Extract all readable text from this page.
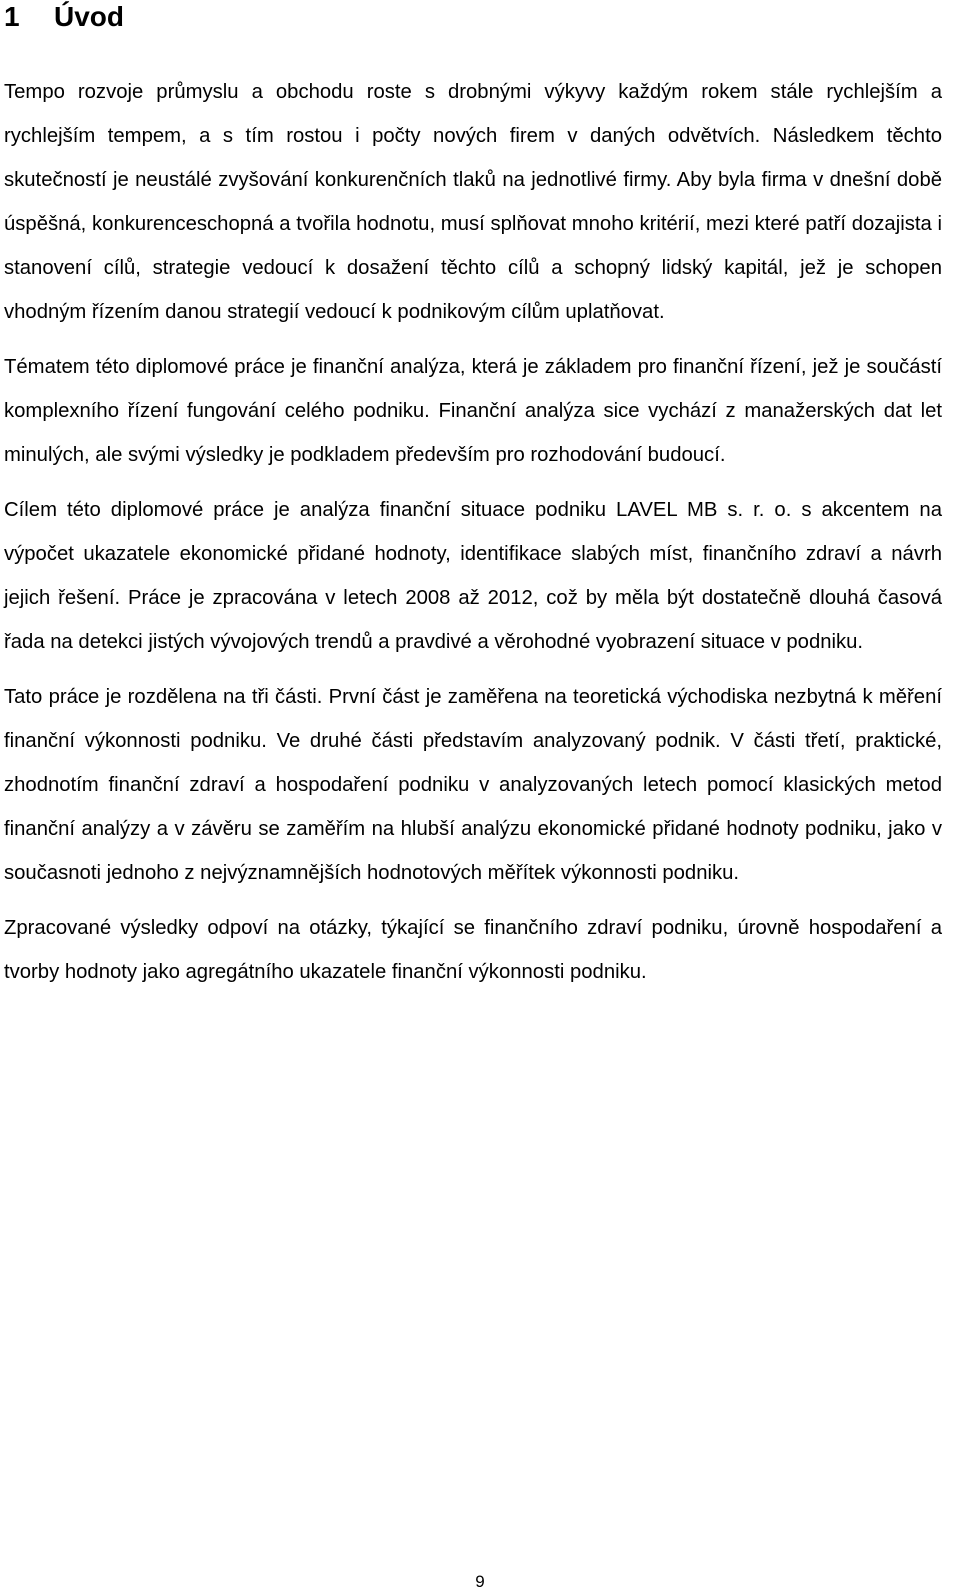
1 Úvod

Tempo rozvoje průmyslu a obchodu roste s drobnými výkyvy každým rokem stále rychlejším a rychlejším tempem, a s tím rostou i počty nových firem v daných odvětvích. Následkem těchto skutečností je neustálé zvyšování konkurenčních tlaků na jednotlivé firmy. Aby byla firma v dnešní době úspěšná, konkurenceschopná a tvořila hodnotu, musí splňovat mnoho kritérií, mezi které patří dozajista i stanovení cílů, strategie vedoucí k dosažení těchto cílů a schopný lidský kapitál, jež je schopen vhodným řízením danou strategií vedoucí k podnikovým cílům uplatňovat.

Tématem této diplomové práce je finanční analýza, která je základem pro finanční řízení, jež je součástí komplexního řízení fungování celého podniku. Finanční analýza sice vychází z manažerských dat let minulých, ale svými výsledky je podkladem především pro rozhodování budoucí.

Cílem této diplomové práce je analýza finanční situace podniku LAVEL MB s. r. o. s akcentem na výpočet ukazatele ekonomické přidané hodnoty, identifikace slabých míst, finančního zdraví a návrh jejich řešení. Práce je zpracována v letech 2008 až 2012, což by měla být dostatečně dlouhá časová řada na detekci jistých vývojových trendů a pravdivé a věrohodné vyobrazení situace v podniku.

Tato práce je rozdělena na tři části. První část je zaměřena na teoretická východiska nezbytná k měření finanční výkonnosti podniku. Ve druhé části představím analyzovaný podnik. V části třetí, praktické, zhodnotím finanční zdraví a hospodaření podniku v analyzovaných letech pomocí klasických metod finanční analýzy a v závěru se zaměřím na hlubší analýzu ekonomické přidané hodnoty podniku, jako v současnoti jednoho z nejvýznamnějších hodnotových měřítek výkonnosti podniku.

Zpracované výsledky odpoví na otázky, týkající se finančního zdraví podniku, úrovně hospodaření a tvorby hodnoty jako agregátního ukazatele finanční výkonnosti podniku.

9
